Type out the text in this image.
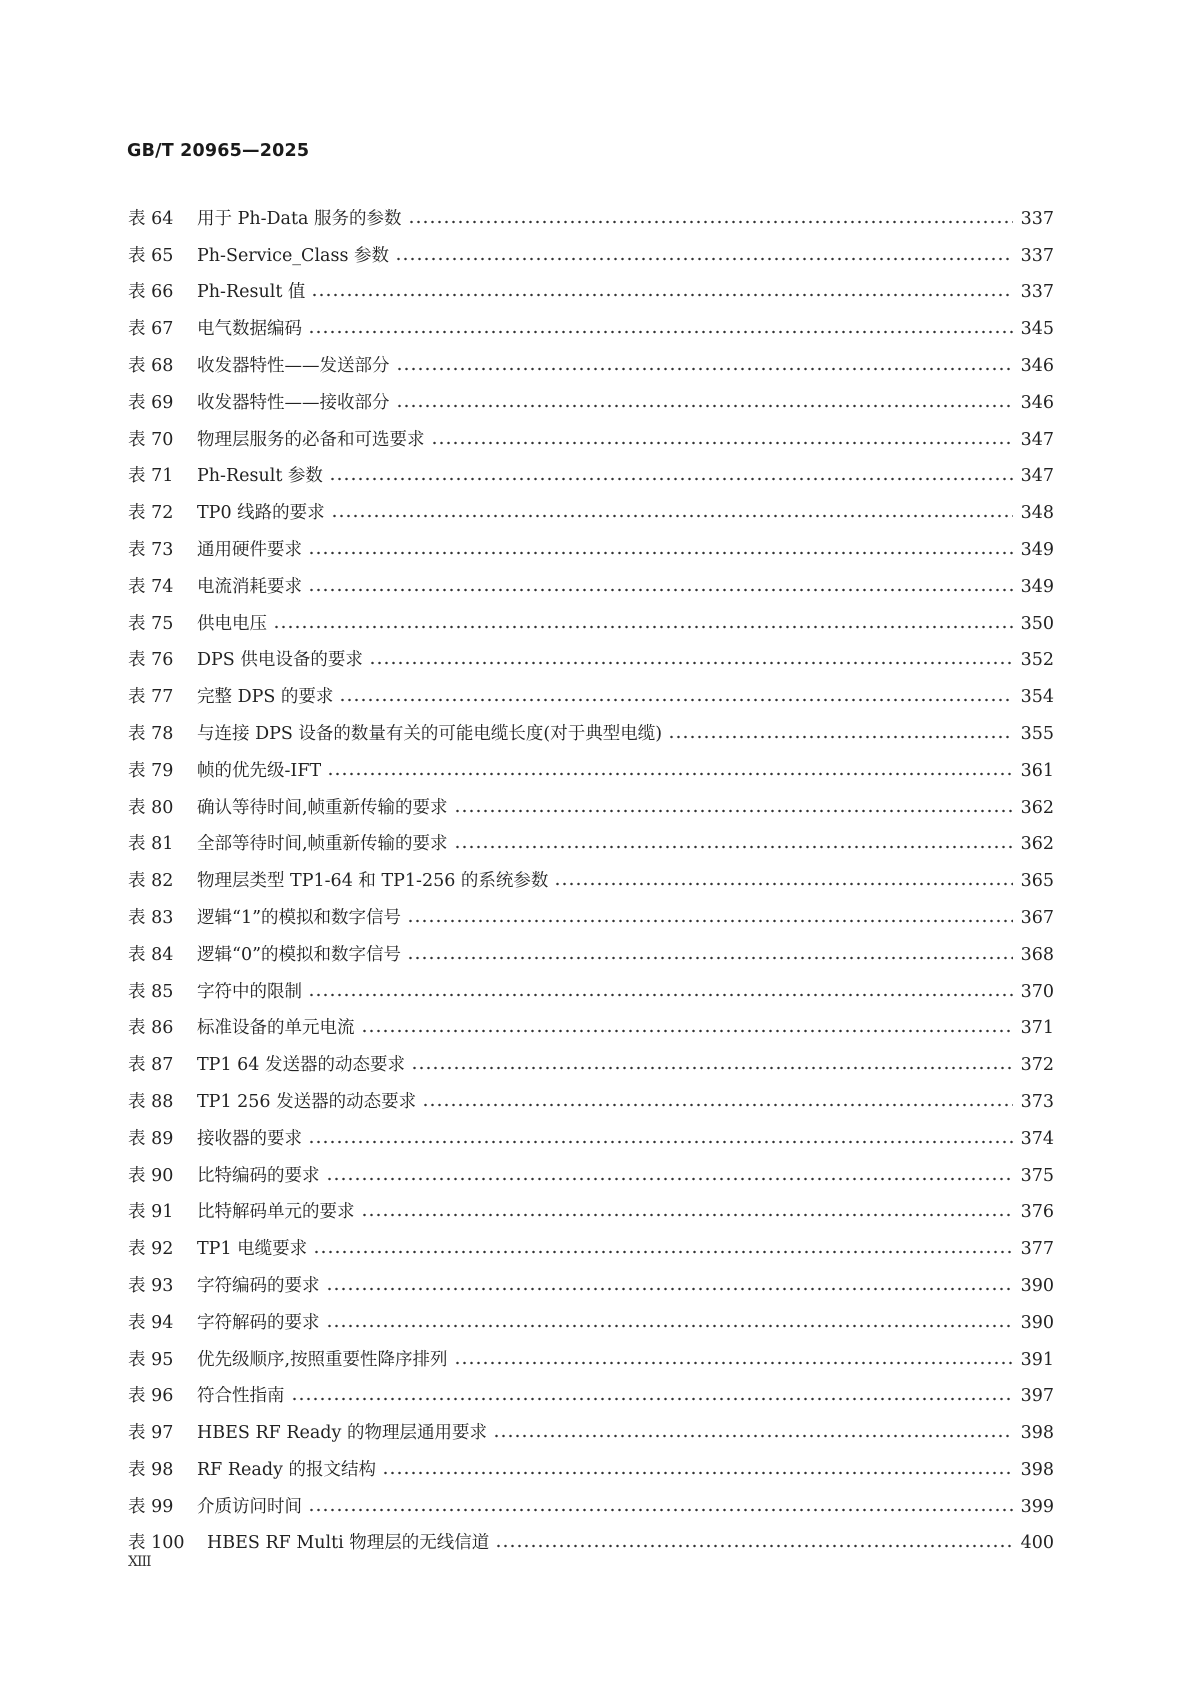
GB/T 20965—2025
表 64	用于 Ph-Data 服务的参数	337
表 65	Ph-Service_Class 参数	337
表 66	Ph-Result 值	337
表 67	电气数据编码	345
表 68	收发器特性——发送部分	346
表 69	收发器特性——接收部分	346
表 70	物理层服务的必备和可选要求	347
表 71	Ph-Result 参数	347
表 72	TP0 线路的要求	348
表 73	通用硬件要求	349
表 74	电流消耗要求	349
表 75	供电电压	350
表 76	DPS 供电设备的要求	352
表 77	完整 DPS 的要求	354
表 78	与连接 DPS 设备的数量有关的可能电缆长度(对于典型电缆)	355
表 79	帧的优先级-IFT	361
表 80	确认等待时间,帧重新传输的要求	362
表 81	全部等待时间,帧重新传输的要求	362
表 82	物理层类型 TP1-64 和 TP1-256 的系统参数	365
表 83	逻辑“1”的模拟和数字信号	367
表 84	逻辑“0”的模拟和数字信号	368
表 85	字符中的限制	370
表 86	标准设备的单元电流	371
表 87	TP1 64 发送器的动态要求	372
表 88	TP1 256 发送器的动态要求	373
表 89	接收器的要求	374
表 90	比特编码的要求	375
表 91	比特解码单元的要求	376
表 92	TP1 电缆要求	377
表 93	字符编码的要求	390
表 94	字符解码的要求	390
表 95	优先级顺序,按照重要性降序排列	391
表 96	符合性指南	397
表 97	HBES RF Ready 的物理层通用要求	398
表 98	RF Ready 的报文结构	398
表 99	介质访问时间	399
表 100	HBES RF Multi 物理层的无线信道	400
XIII
